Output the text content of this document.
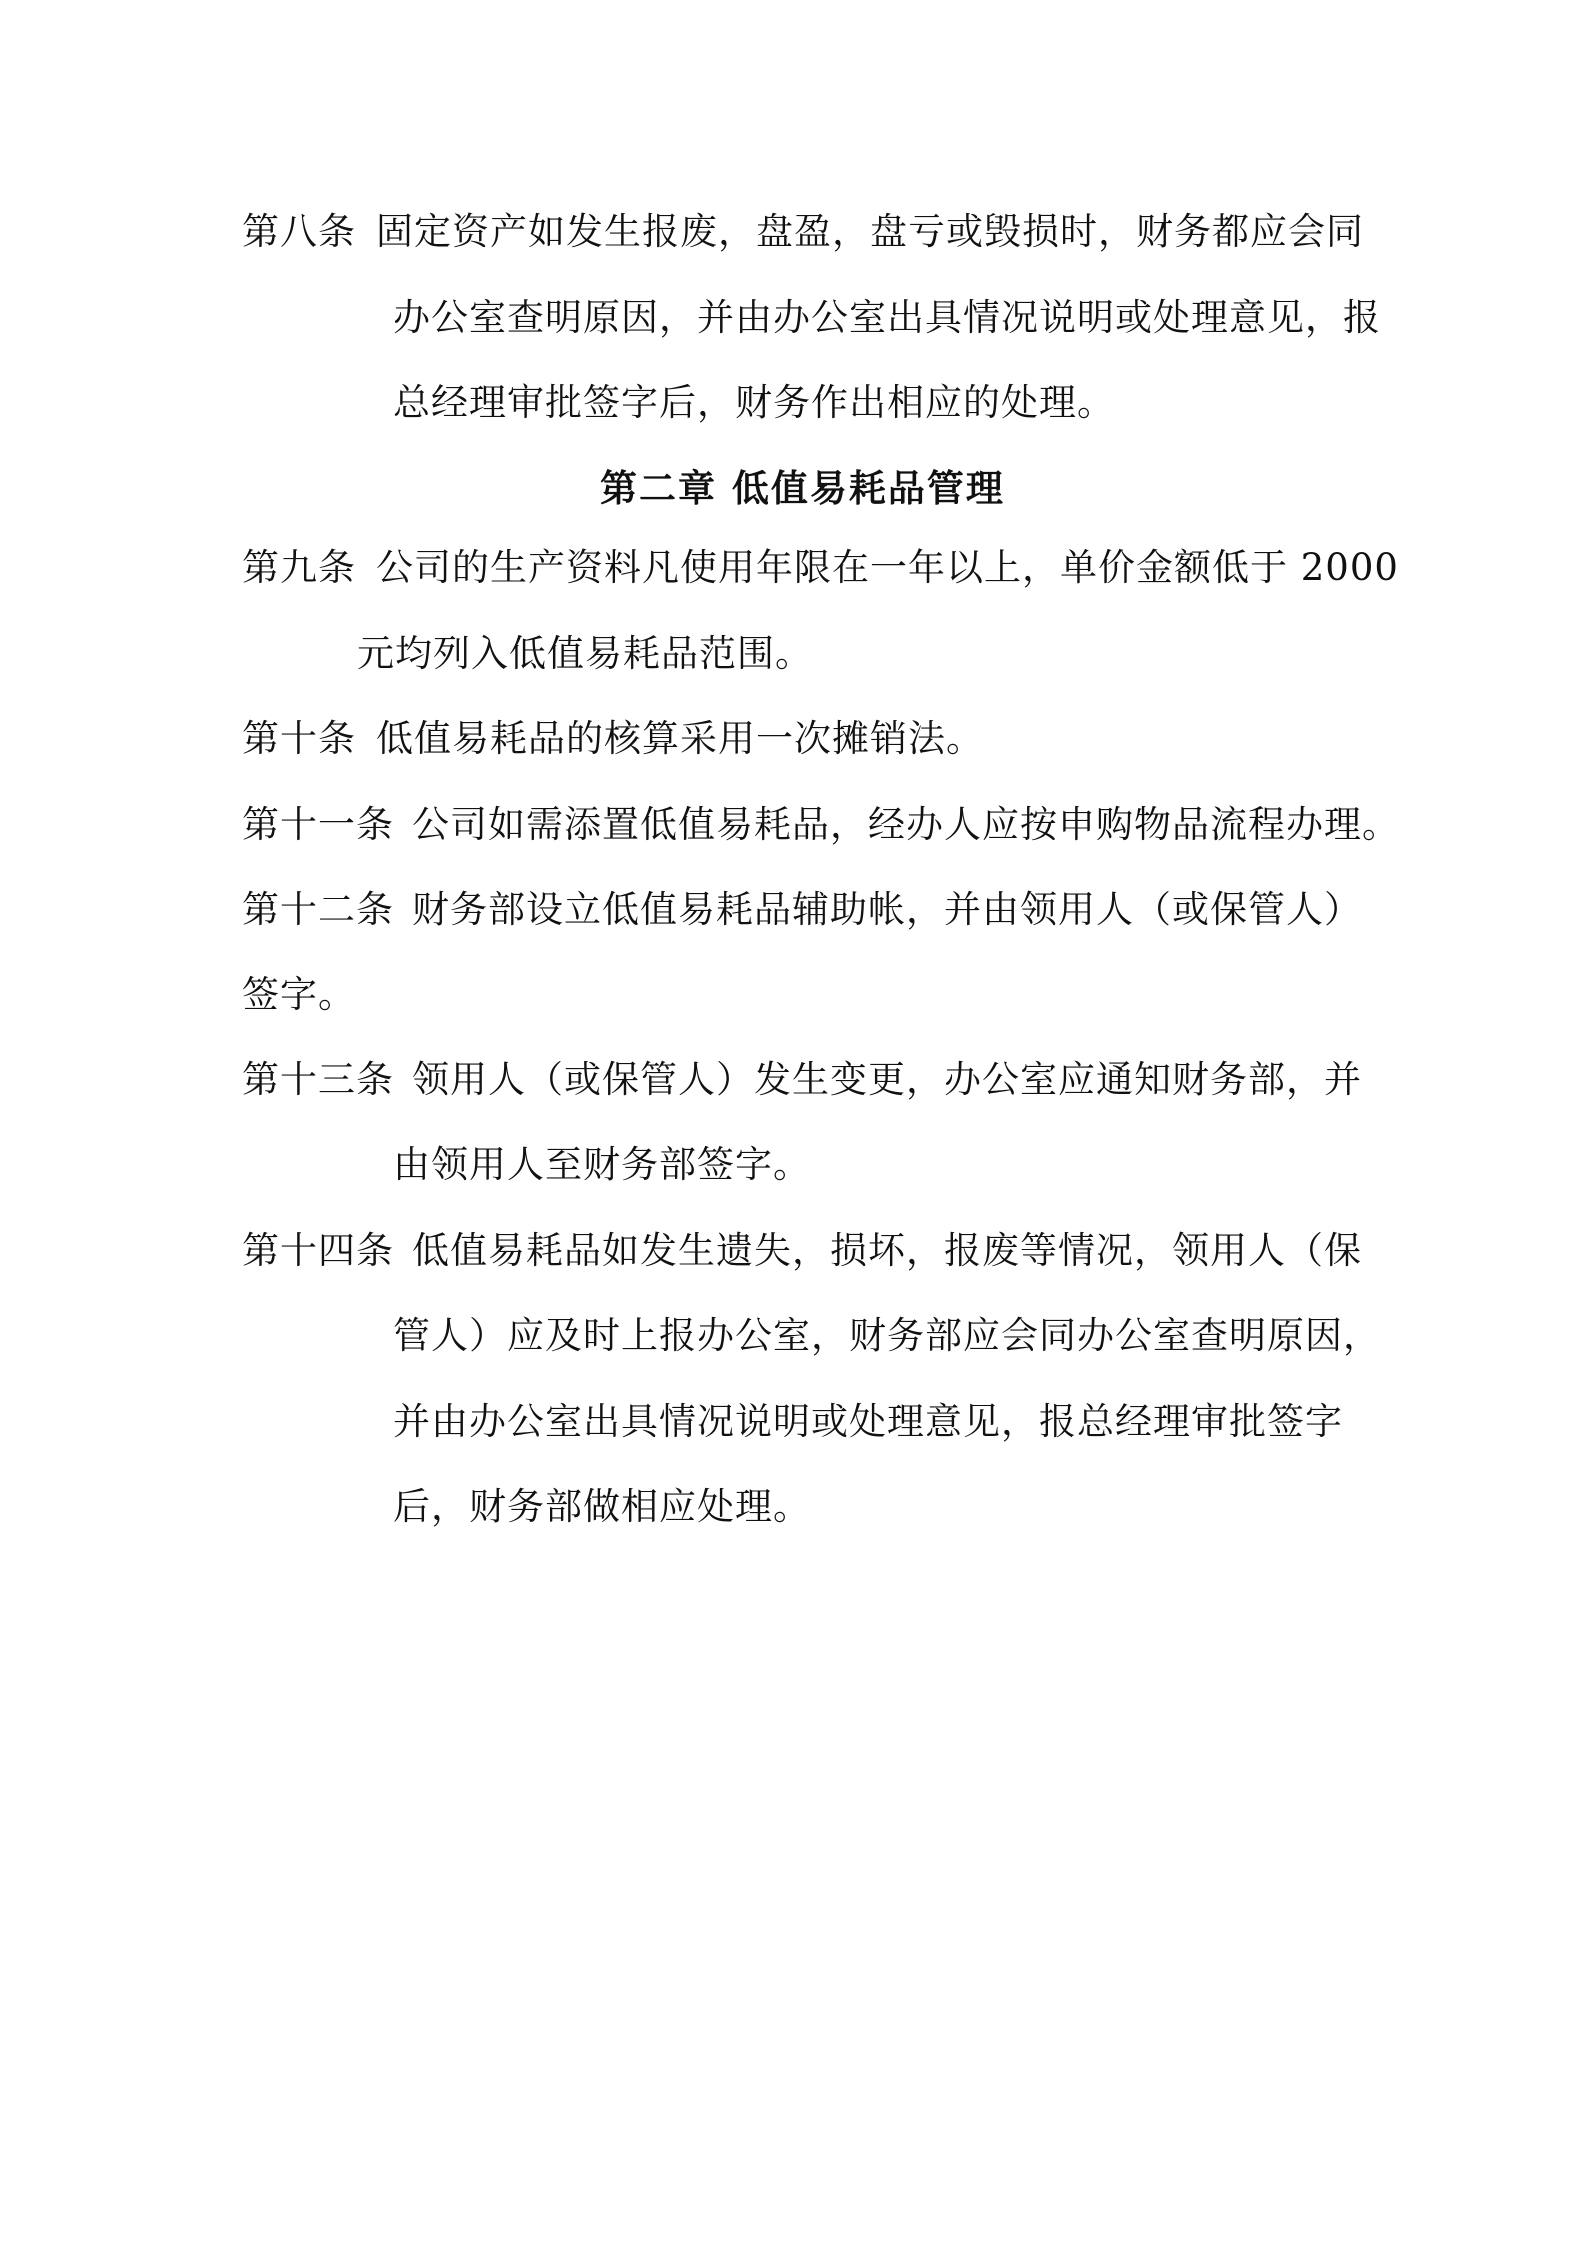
第八条 固定资产如发生报废，盘盈，盘亏或毁损时，财务都应会同
办公室查明原因，并由办公室出具情况说明或处理意见，报
总经理审批签字后，财务作出相应的处理。
第二章 低值易耗品管理
第九条 公司的生产资料凡使用年限在一年以上，单价金额低于 2000
元均列入低值易耗品范围。
第十条 低值易耗品的核算采用一次摊销法。
第十一条 公司如需添置低值易耗品，经办人应按申购物品流程办理。
第十二条 财务部设立低值易耗品辅助帐，并由领用人（或保管人）
签字。
第十三条 领用人（或保管人）发生变更，办公室应通知财务部，并
由领用人至财务部签字。
第十四条 低值易耗品如发生遗失，损坏，报废等情况，领用人（保
管人）应及时上报办公室，财务部应会同办公室查明原因，
并由办公室出具情况说明或处理意见，报总经理审批签字
后，财务部做相应处理。
